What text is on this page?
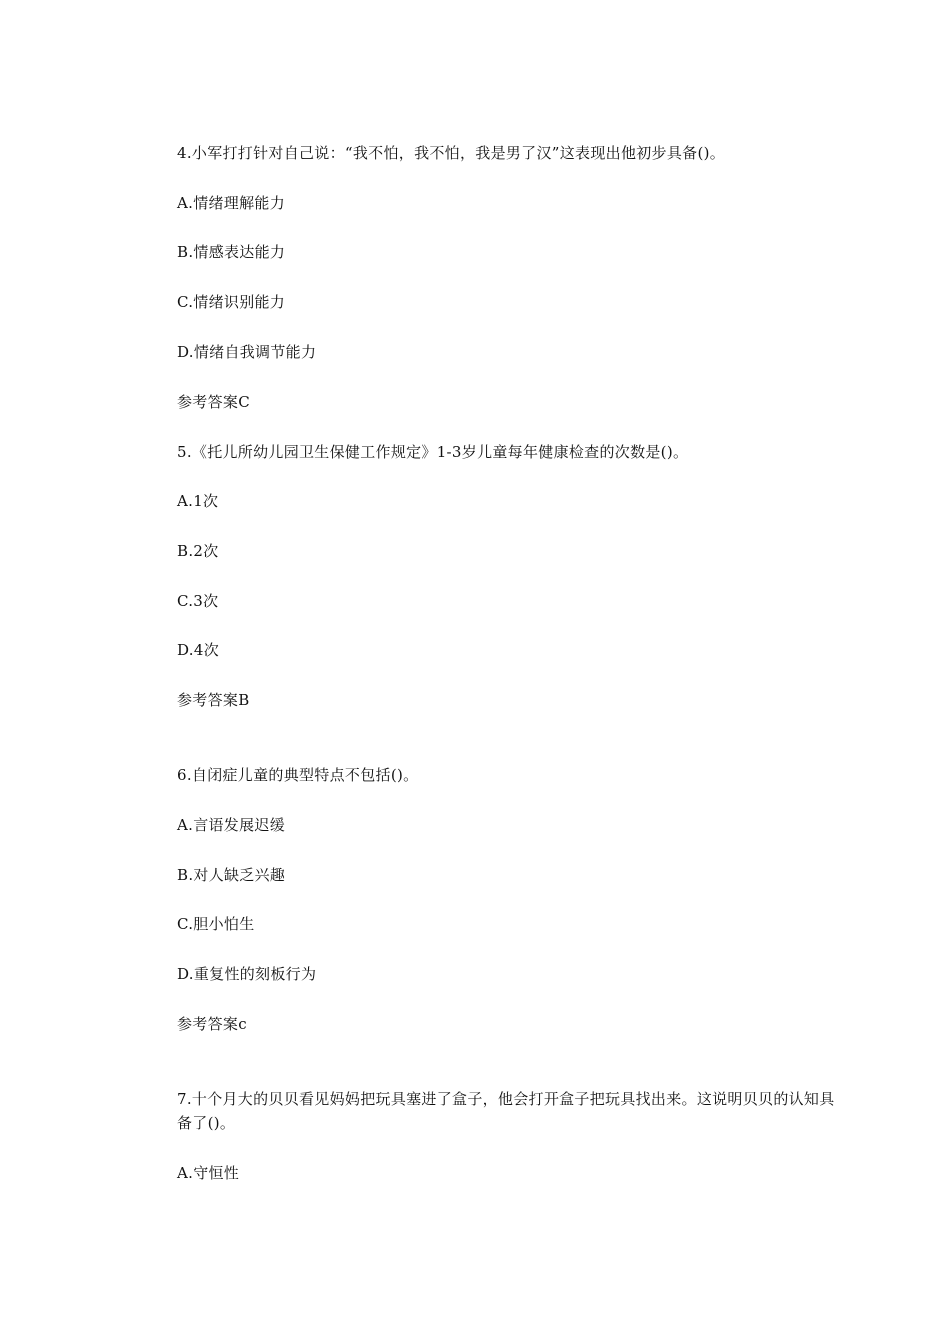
4.小军打打针对自己说：“我不怕，我不怕，我是男了汉”这表现出他初步具备()。
A.情绪理解能力
B.情感表达能力
C.情绪识别能力
D.情绪自我调节能力
参考答案C
5.《托儿所幼儿园卫生保健工作规定》1-3岁儿童每年健康检查的次数是()。
A.1次
B.2次
C.3次
D.4次
参考答案B
6.自闭症儿童的典型特点不包括()。
A.言语发展迟缓
B.对人缺乏兴趣
C.胆小怕生
D.重复性的刻板行为
参考答案c
7.十个月大的贝贝看见妈妈把玩具塞进了盒子，他会打开盒子把玩具找出来。这说明贝贝的认知具备了()。
A.守恒性
